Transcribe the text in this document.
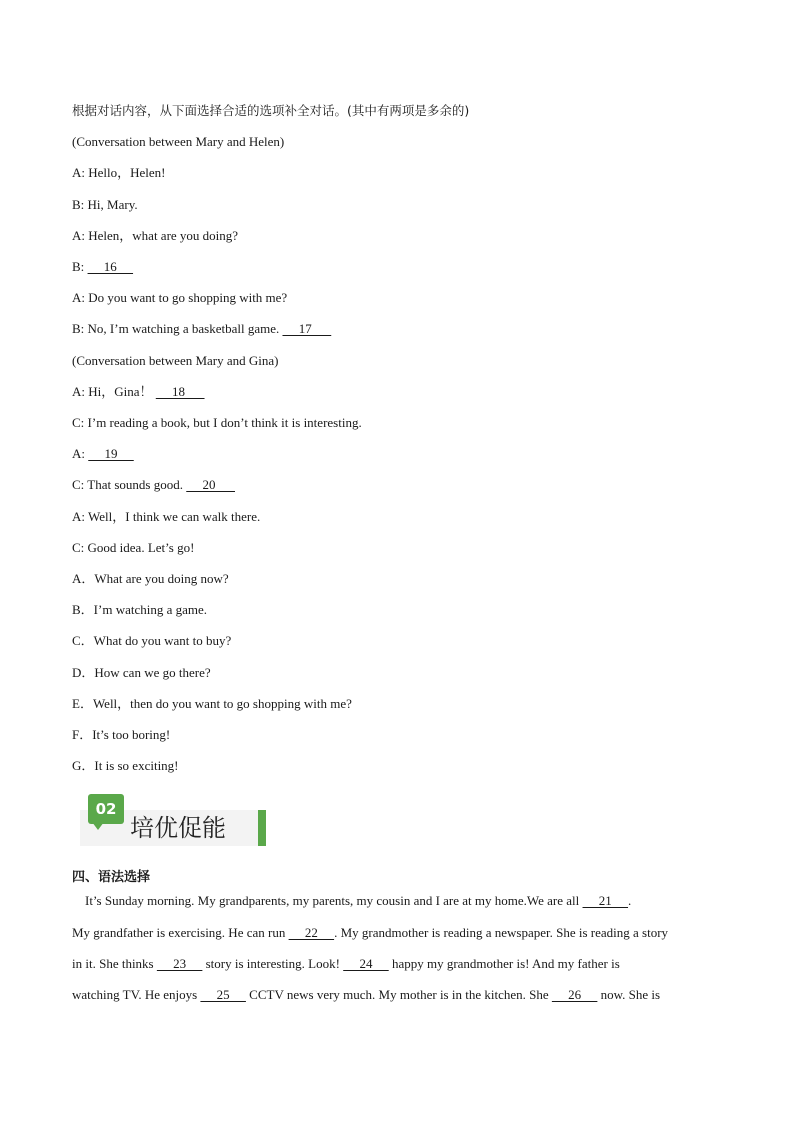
根据对话内容，从下面选择合适的选项补全对话。(其中有两项是多余的)
(Conversation between Mary and Helen)
A: Hello，Helen!
B: Hi, Mary.
A: Helen，what are you doing?
B:      16
A: Do you want to go shopping with me?
B: No, I’m watching a basketball game.      17
(Conversation between Mary and Gina)
A: Hi，Gina！      18
C: I’m reading a book, but I don’t think it is interesting.
A:      19
C: That sounds good.      20
A: Well，I think we can walk there.
C: Good idea. Let’s go!
A．What are you doing now?
B．I’m watching a game.
C．What do you want to buy?
D．How can we go there?
E．Well，then do you want to go shopping with me?
F．It’s too boring!
G．It is so exciting!
02
培优促能
四、语法选择
It’s Sunday morning. My grandparents, my parents, my cousin and I are at my home.We are all      21     .
My grandfather is exercising. He can run      22     . My grandmother is reading a newspaper. She is reading a story
in it. She thinks      23      story is interesting. Look!      24      happy my grandmother is! And my father is
watching TV. He enjoys      25      CCTV news very much. My mother is in the kitchen. She      26      now. She is
